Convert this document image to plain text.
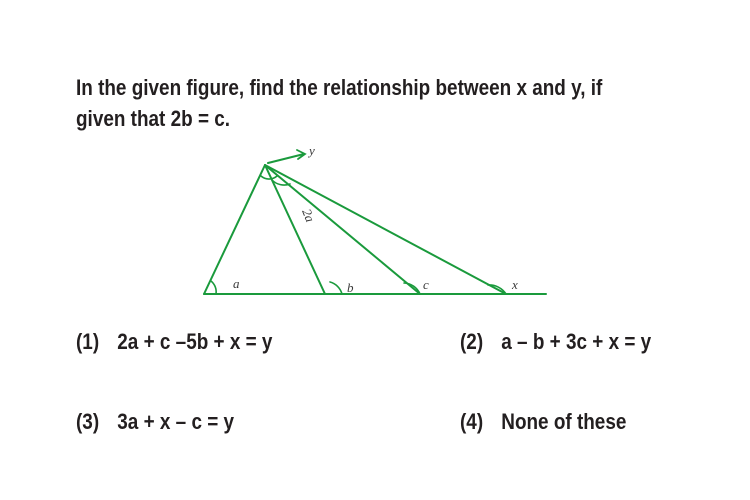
In the given figure, find the relationship between x and y, if
given that 2b = c.
a	b	c	x
y
2a
(1) 2a + c –5b + x = y	(2) a – b + 3c + x = y
(3) 3a + x – c = y	(4) None of these
